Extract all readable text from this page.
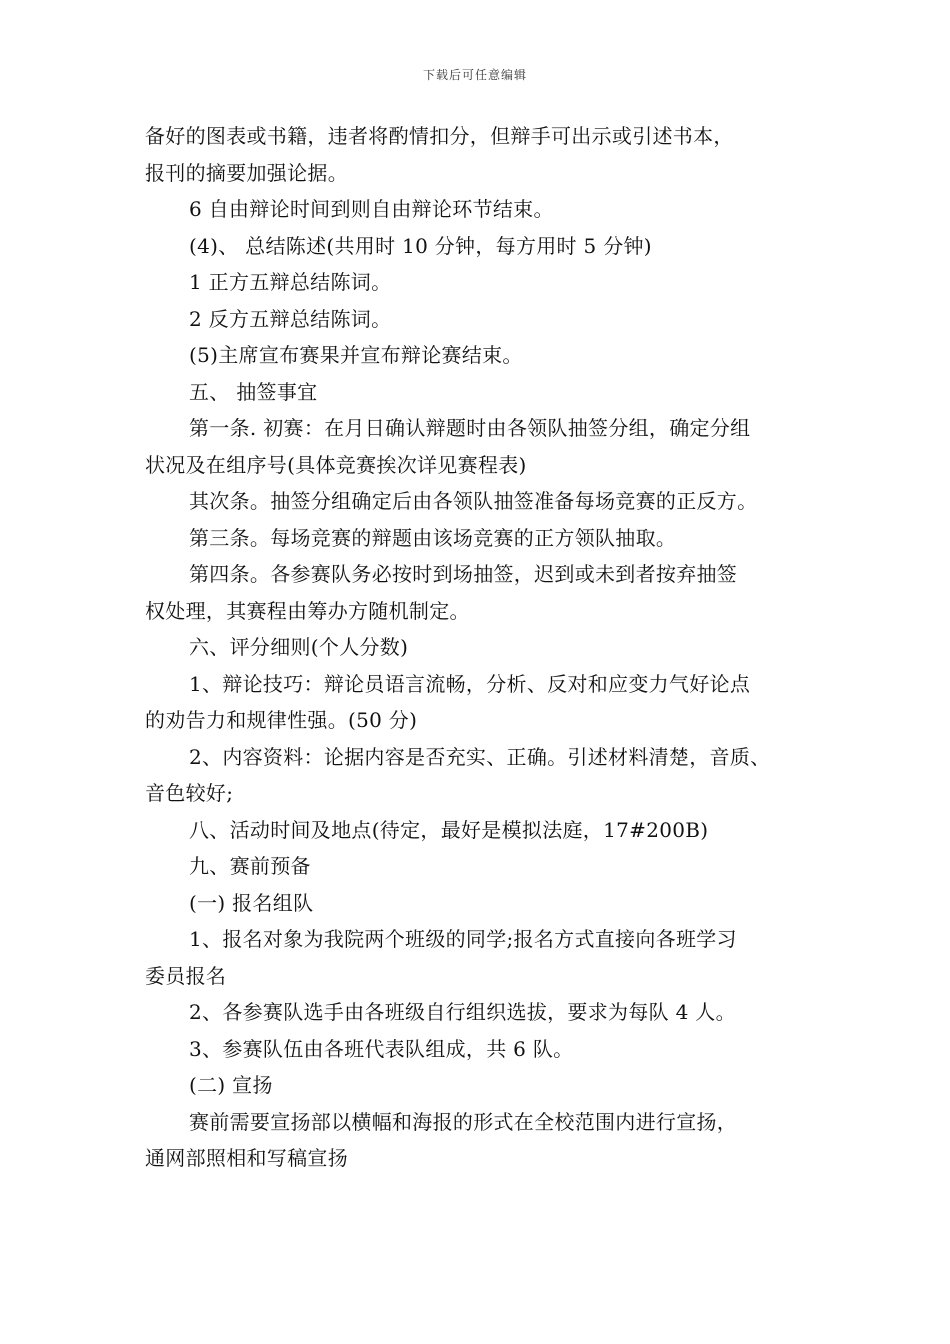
下载后可任意编辑

备好的图表或书籍，违者将酌情扣分，但辩手可出示或引述书本，

报刊的摘要加强论据。

6 自由辩论时间到则自由辩论环节结束。

(4)、 总结陈述(共用时 10 分钟，每方用时 5 分钟)

1 正方五辩总结陈词。

2 反方五辩总结陈词。

(5)主席宣布赛果并宣布辩论赛结束。

五、 抽签事宜

第一条. 初赛：在月日确认辩题时由各领队抽签分组，确定分组

状况及在组序号(具体竞赛挨次详见赛程表)

其次条。抽签分组确定后由各领队抽签准备每场竞赛的正反方。

第三条。每场竞赛的辩题由该场竞赛的正方领队抽取。

第四条。各参赛队务必按时到场抽签，迟到或未到者按弃抽签

权处理，其赛程由筹办方随机制定。

六、评分细则(个人分数)

1、辩论技巧：辩论员语言流畅，分析、反对和应变力气好论点

的劝告力和规律性强。(50 分)

2、内容资料：论据内容是否充实、正确。引述材料清楚，音质、

音色较好;

八、活动时间及地点(待定，最好是模拟法庭，17#200B)

九、赛前预备

(一) 报名组队

1、报名对象为我院两个班级的同学;报名方式直接向各班学习

委员报名

2、各参赛队选手由各班级自行组织选拔，要求为每队 4 人。

3、参赛队伍由各班代表队组成，共 6 队。

(二) 宣扬

赛前需要宣扬部以横幅和海报的形式在全校范围内进行宣扬，

通网部照相和写稿宣扬
